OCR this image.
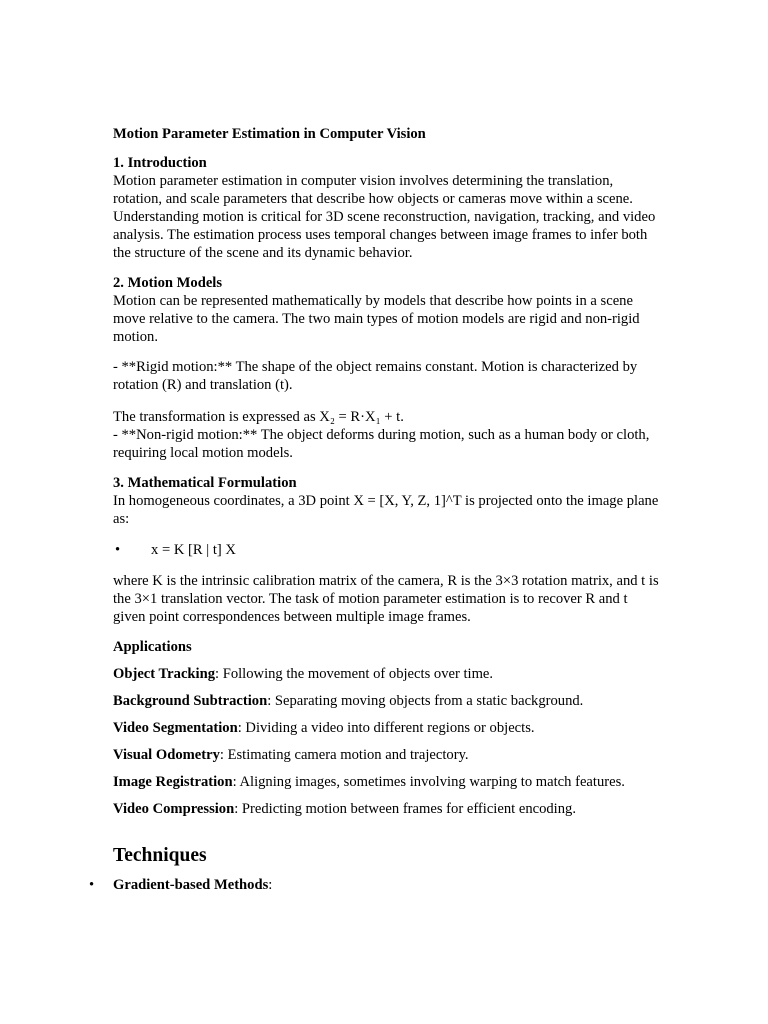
Motion Parameter Estimation in Computer Vision

1. Introduction

Motion parameter estimation in computer vision involves determining the translation, rotation, and scale parameters that describe how objects or cameras move within a scene. Understanding motion is critical for 3D scene reconstruction, navigation, tracking, and video analysis. The estimation process uses temporal changes between image frames to infer both the structure of the scene and its dynamic behavior.

2. Motion Models

Motion can be represented mathematically by models that describe how points in a scene move relative to the camera. The two main types of motion models are rigid and non-rigid motion.

- **Rigid motion:** The shape of the object remains constant. Motion is characterized by rotation (R) and translation (t).

The transformation is expressed as X₂ = R·X₁ + t.

- **Non-rigid motion:** The object deforms during motion, such as a human body or cloth, requiring local motion models.

3. Mathematical Formulation

In homogeneous coordinates, a 3D point X = [X, Y, Z, 1]^T is projected onto the image plane as:

•	x = K [R | t] X

where K is the intrinsic calibration matrix of the camera, R is the 3×3 rotation matrix, and t is the 3×1 translation vector. The task of motion parameter estimation is to recover R and t given point correspondences between multiple image frames.

Applications

Object Tracking: Following the movement of objects over time.

Background Subtraction: Separating moving objects from a static background.

Video Segmentation: Dividing a video into different regions or objects.

Visual Odometry: Estimating camera motion and trajectory.

Image Registration: Aligning images, sometimes involving warping to match features.

Video Compression: Predicting motion between frames for efficient encoding.

Techniques

•	Gradient-based Methods:
